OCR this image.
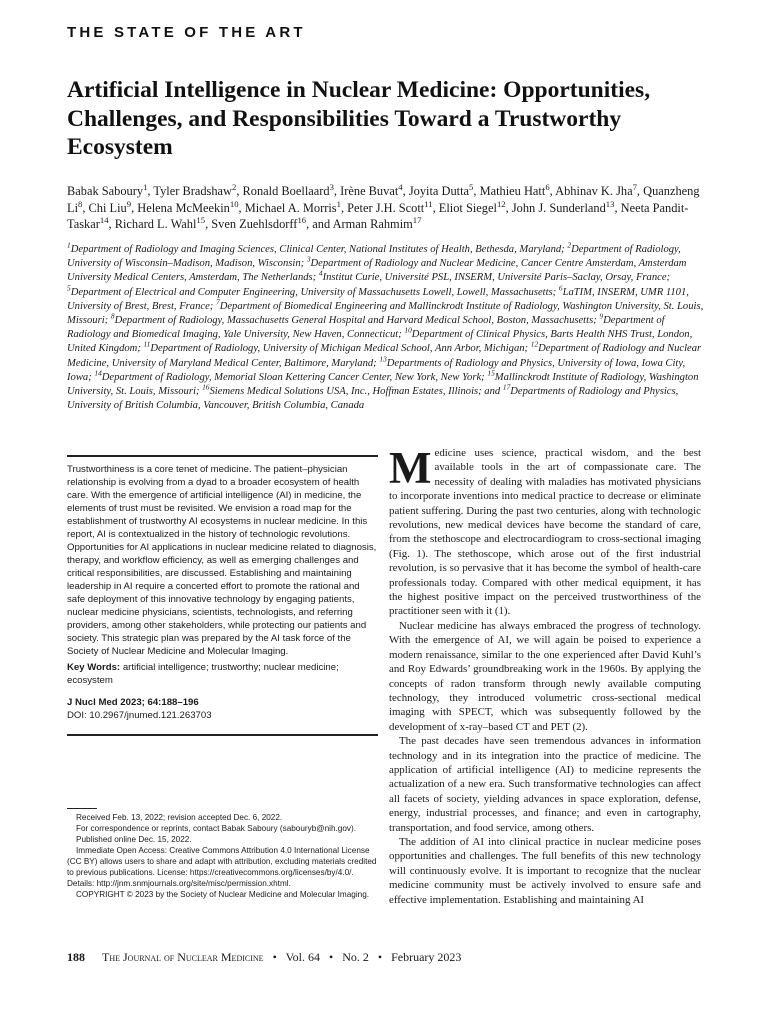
THE STATE OF THE ART
Artificial Intelligence in Nuclear Medicine: Opportunities, Challenges, and Responsibilities Toward a Trustworthy Ecosystem
Babak Saboury$^1$, Tyler Bradshaw$^2$, Ronald Boellaard$^3$, Irène Buvat$^4$, Joyita Dutta$^5$, Mathieu Hatt$^6$, Abhinav K. Jha$^7$, Quanzheng Li$^8$, Chi Liu$^9$, Helena McMeekin$^{10}$, Michael A. Morris$^1$, Peter J.H. Scott$^{11}$, Eliot Siegel$^{12}$, John J. Sunderland$^{13}$, Neeta Pandit-Taskar$^{14}$, Richard L. Wahl$^{15}$, Sven Zuehlsdorff$^{16}$, and Arman Rahmim$^{17}$
$^1$Department of Radiology and Imaging Sciences, Clinical Center, National Institutes of Health, Bethesda, Maryland; $^2$Department of Radiology, University of Wisconsin–Madison, Madison, Wisconsin; $^3$Department of Radiology and Nuclear Medicine, Cancer Centre Amsterdam, Amsterdam University Medical Centers, Amsterdam, The Netherlands; $^4$Institut Curie, Université PSL, INSERM, Université Paris–Saclay, Orsay, France; $^5$Department of Electrical and Computer Engineering, University of Massachusetts Lowell, Lowell, Massachusetts; $^6$LaTIM, INSERM, UMR 1101, University of Brest, Brest, France; $^7$Department of Biomedical Engineering and Mallinckrodt Institute of Radiology, Washington University, St. Louis, Missouri; $^8$Department of Radiology, Massachusetts General Hospital and Harvard Medical School, Boston, Massachusetts; $^9$Department of Radiology and Biomedical Imaging, Yale University, New Haven, Connecticut; $^{10}$Department of Clinical Physics, Barts Health NHS Trust, London, United Kingdom; $^{11}$Department of Radiology, University of Michigan Medical School, Ann Arbor, Michigan; $^{12}$Department of Radiology and Nuclear Medicine, University of Maryland Medical Center, Baltimore, Maryland; $^{13}$Departments of Radiology and Physics, University of Iowa, Iowa City, Iowa; $^{14}$Department of Radiology, Memorial Sloan Kettering Cancer Center, New York, New York; $^{15}$Mallinckrodt Institute of Radiology, Washington University, St. Louis, Missouri; $^{16}$Siemens Medical Solutions USA, Inc., Hoffman Estates, Illinois; and $^{17}$Departments of Radiology and Physics, University of British Columbia, Vancouver, British Columbia, Canada
Trustworthiness is a core tenet of medicine. The patient–physician relationship is evolving from a dyad to a broader ecosystem of health care. With the emergence of artificial intelligence (AI) in medicine, the elements of trust must be revisited. We envision a road map for the establishment of trustworthy AI ecosystems in nuclear medicine. In this report, AI is contextualized in the history of technologic revolutions. Opportunities for AI applications in nuclear medicine related to diagnosis, therapy, and workflow efficiency, as well as emerging challenges and critical responsibilities, are discussed. Establishing and maintaining leadership in AI require a concerted effort to promote the rational and safe deployment of this innovative technology by engaging patients, nuclear medicine physicians, scientists, technologists, and referring providers, among other stakeholders, while protecting our patients and society. This strategic plan was prepared by the AI task force of the Society of Nuclear Medicine and Molecular Imaging.
Key Words: artificial intelligence; trustworthy; nuclear medicine; ecosystem
J Nucl Med 2023; 64:188–196
DOI: 10.2967/jnumed.121.263703

Received Feb. 13, 2022; revision accepted Dec. 6, 2022.

For correspondence or reprints, contact Babak Saboury (sabouryb@nih.gov).

Published online Dec. 15, 2022.

Immediate Open Access: Creative Commons Attribution 4.0 International License (CC BY) allows users to share and adapt with attribution, excluding materials credited to previous publications. License: https://creativecommons.org/licenses/by/4.0/. Details: http://jnm.snmjournals.org/site/misc/permission.xhtml.

COPYRIGHT © 2023 by the Society of Nuclear Medicine and Molecular Imaging.

Medicine uses science, practical wisdom, and the best available tools in the art of compassionate care. The necessity of dealing with maladies has motivated physicians to incorporate inventions into medical practice to decrease or eliminate patient suffering. During the past two centuries, along with technologic revolutions, new medical devices have become the standard of care, from the stethoscope and electrocardiogram to cross-sectional imaging (Fig. 1). The stethoscope, which arose out of the first industrial revolution, is so pervasive that it has become the symbol of health-care professionals today. Compared with other medical equipment, it has the highest positive impact on the perceived trustworthiness of the practitioner seen with it (1).

Nuclear medicine has always embraced the progress of technology. With the emergence of AI, we will again be poised to experience a modern renaissance, similar to the one experienced after David Kuhl’s and Roy Edwards’ groundbreaking work in the 1960s. By applying the concepts of radon transform through newly available computing technology, they introduced volumetric cross-sectional medical imaging with SPECT, which was subsequently followed by the development of x-ray–based CT and PET (2).

The past decades have seen tremendous advances in information technology and in its integration into the practice of medicine. The application of artificial intelligence (AI) to medicine represents the actualization of a new era. Such transformative technologies can affect all facets of society, yielding advances in space exploration, defense, energy, industrial processes, and finance; and even in cartography, transportation, and food service, among others.

The addition of AI into clinical practice in nuclear medicine poses opportunities and challenges. The full benefits of this new technology will continuously evolve. It is important to recognize that the nuclear medicine community must be actively involved to ensure safe and effective implementation. Establishing and maintaining AI

188 The Journal of Nuclear Medicine • Vol. 64 • No. 2 • February 2023
